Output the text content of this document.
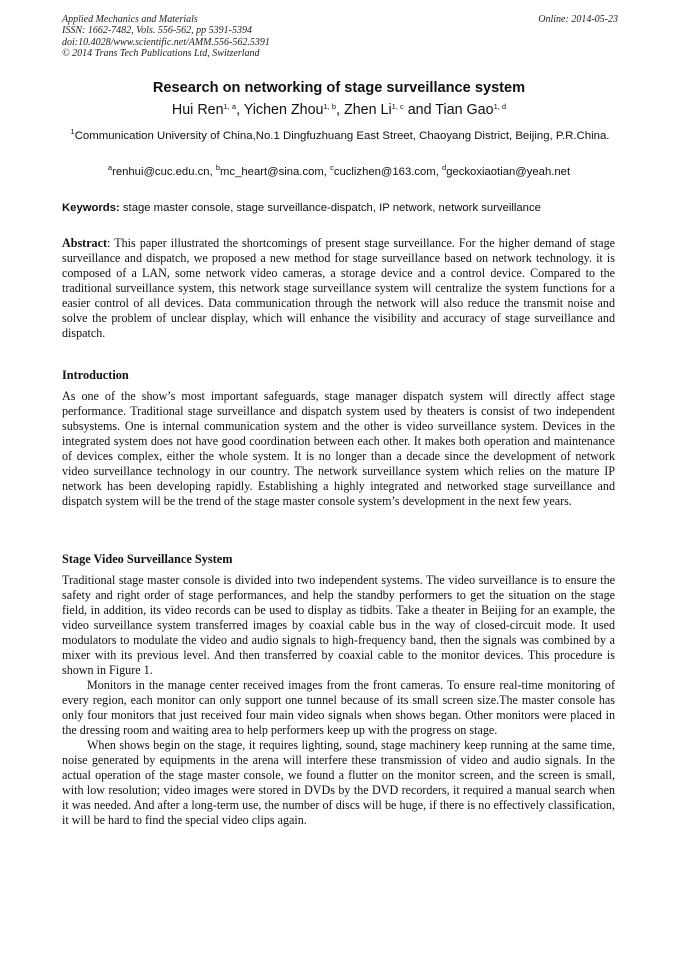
Applied Mechanics and Materials
ISSN: 1662-7482, Vols. 556-562, pp 5391-5394
doi:10.4028/www.scientific.net/AMM.556-562.5391
© 2014 Trans Tech Publications Ltd, Switzerland
Online: 2014-05-23
Research on networking of stage surveillance system
Hui Ren$^{1, a}$, Yichen Zhou$^{1, b}$, Zhen Li$^{1, c}$ and Tian Gao$^{1, d}$
$^1$Communication University of China,No.1 Dingfuzhuang East Street, Chaoyang District, Beijing, P.R.China.
$^a$renhui@cuc.edu.cn, $^b$mc_heart@sina.com, $^c$cuclizhen@163.com, $^d$geckoxiaotian@yeah.net
Keywords: stage master console, stage surveillance-dispatch, IP network, network surveillance

Abstract: This paper illustrated the shortcomings of present stage surveillance. For the higher demand of stage surveillance and dispatch, we proposed a new method for stage surveillance based on network technology. it is composed of a LAN, some network video cameras, a storage device and a control device. Compared to the traditional surveillance system, this network stage surveillance system will centralize the system functions for a easier control of all devices. Data communication through the network will also reduce the transmit noise and solve the problem of unclear display, which will enhance the visibility and accuracy of stage surveillance and dispatch.

Introduction

As one of the show’s most important safeguards, stage manager dispatch system will directly affect stage performance. Traditional stage surveillance and dispatch system used by theaters is consist of two independent subsystems. One is internal communication system and the other is video surveillance system. Devices in the integrated system does not have good coordination between each other. It makes both operation and maintenance of devices complex, either the whole system. It is no longer than a decade since the development of network video surveillance technology in our country. The network surveillance system which relies on the mature IP network has been developing rapidly. Establishing a highly integrated and networked stage surveillance and dispatch system will be the trend of the stage master console system’s development in the next few years.

Stage Video Surveillance System

Traditional stage master console is divided into two independent systems. The video surveillance is to ensure the safety and right order of stage performances, and help the standby performers to get the situation on the stage field, in addition, its video records can be used to display as tidbits. Take a theater in Beijing for an example, the video surveillance system transferred images by coaxial cable bus in the way of closed-circuit mode. It used modulators to modulate the video and audio signals to high-frequency band, then the signals was combined by a mixer with its previous level. And then transferred by coaxial cable to the monitor devices. This procedure is shown in Figure 1.

Monitors in the manage center received images from the front cameras. To ensure real-time monitoring of every region, each monitor can only support one tunnel because of its small screen size.The master console has only four monitors that just received four main video signals when shows began. Other monitors were placed in the dressing room and waiting area to help performers keep up with the progress on stage.

When shows begin on the stage, it requires lighting, sound, stage machinery keep running at the same time, noise generated by equipments in the arena will interfere these transmission of video and audio signals. In the actual operation of the stage master console, we found a flutter on the monitor screen, and the screen is small, with low resolution; video images were stored in DVDs by the DVD recorders, it required a manual search when it was needed. And after a long-term use, the number of discs will be huge, if there is no effectively classification, it will be hard to find the special video clips again.
